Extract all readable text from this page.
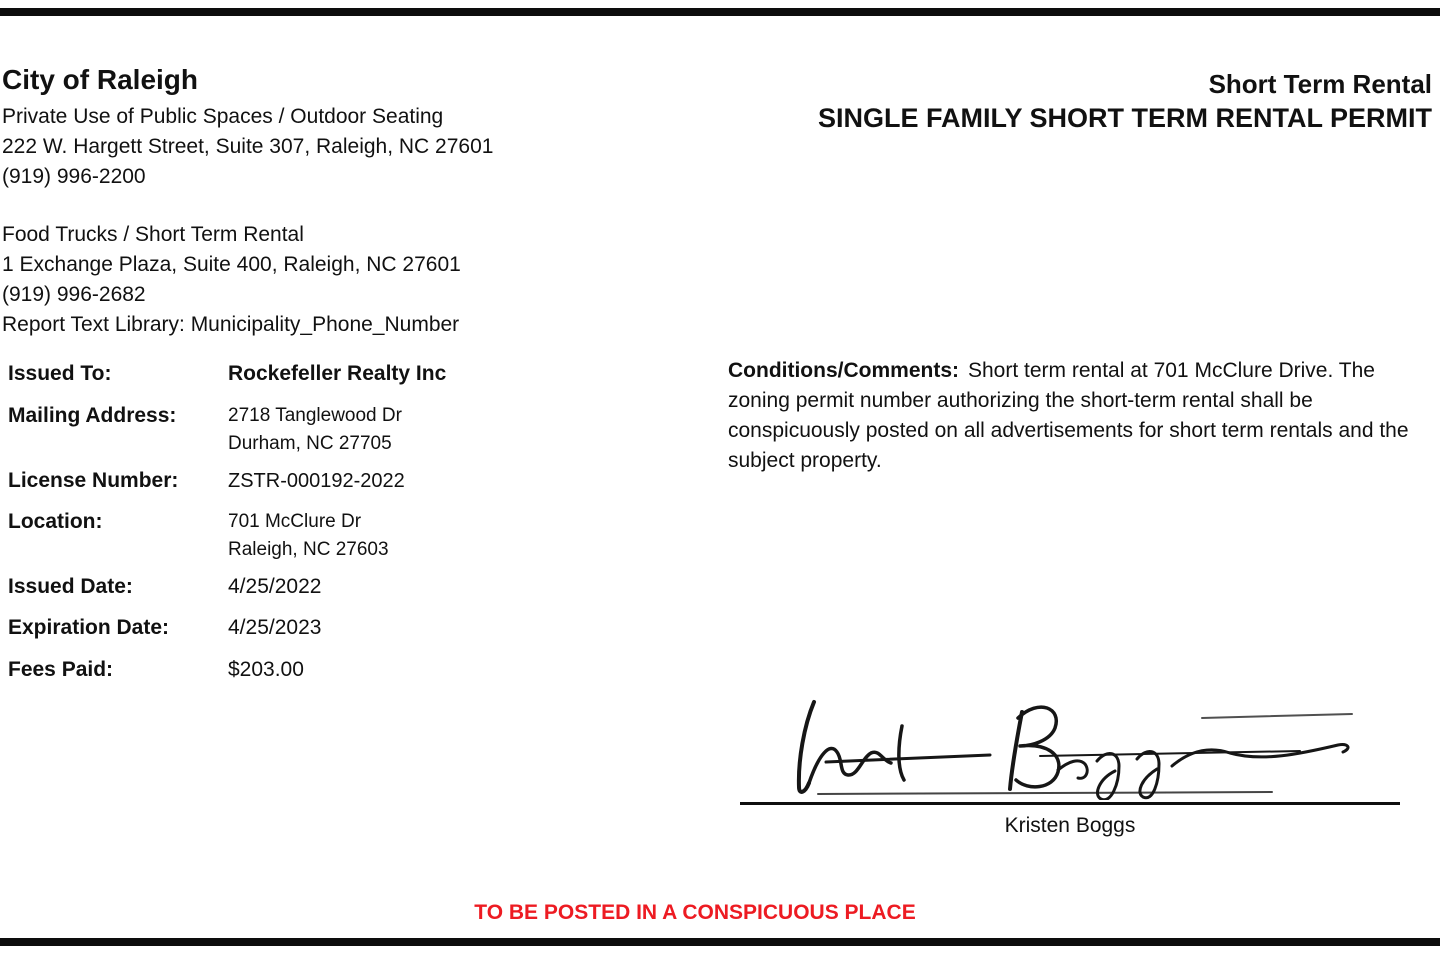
City of Raleigh
Private Use of Public Spaces / Outdoor Seating
222 W. Hargett Street, Suite 307, Raleigh, NC 27601
(919) 996-2200
Food Trucks / Short Term Rental
1 Exchange Plaza, Suite 400, Raleigh, NC 27601
(919) 996-2682
Report Text Library: Municipality_Phone_Number
Short Term Rental
SINGLE FAMILY SHORT TERM RENTAL PERMIT
Issued To:	Rockefeller Realty Inc
Mailing Address:	2718 Tanglewood Dr
Durham, NC 27705
License Number:	ZSTR-000192-2022
Location:	701 McClure Dr
Raleigh, NC 27603
Issued Date:	4/25/2022
Expiration Date:	4/25/2023
Fees Paid:	$203.00
Conditions/Comments: Short term rental at 701 McClure Drive. The zoning permit number authorizing the short-term rental shall be conspicuously posted on all advertisements for short term rentals and the subject property.
Kristen Boggs
TO BE POSTED IN A CONSPICUOUS PLACE
